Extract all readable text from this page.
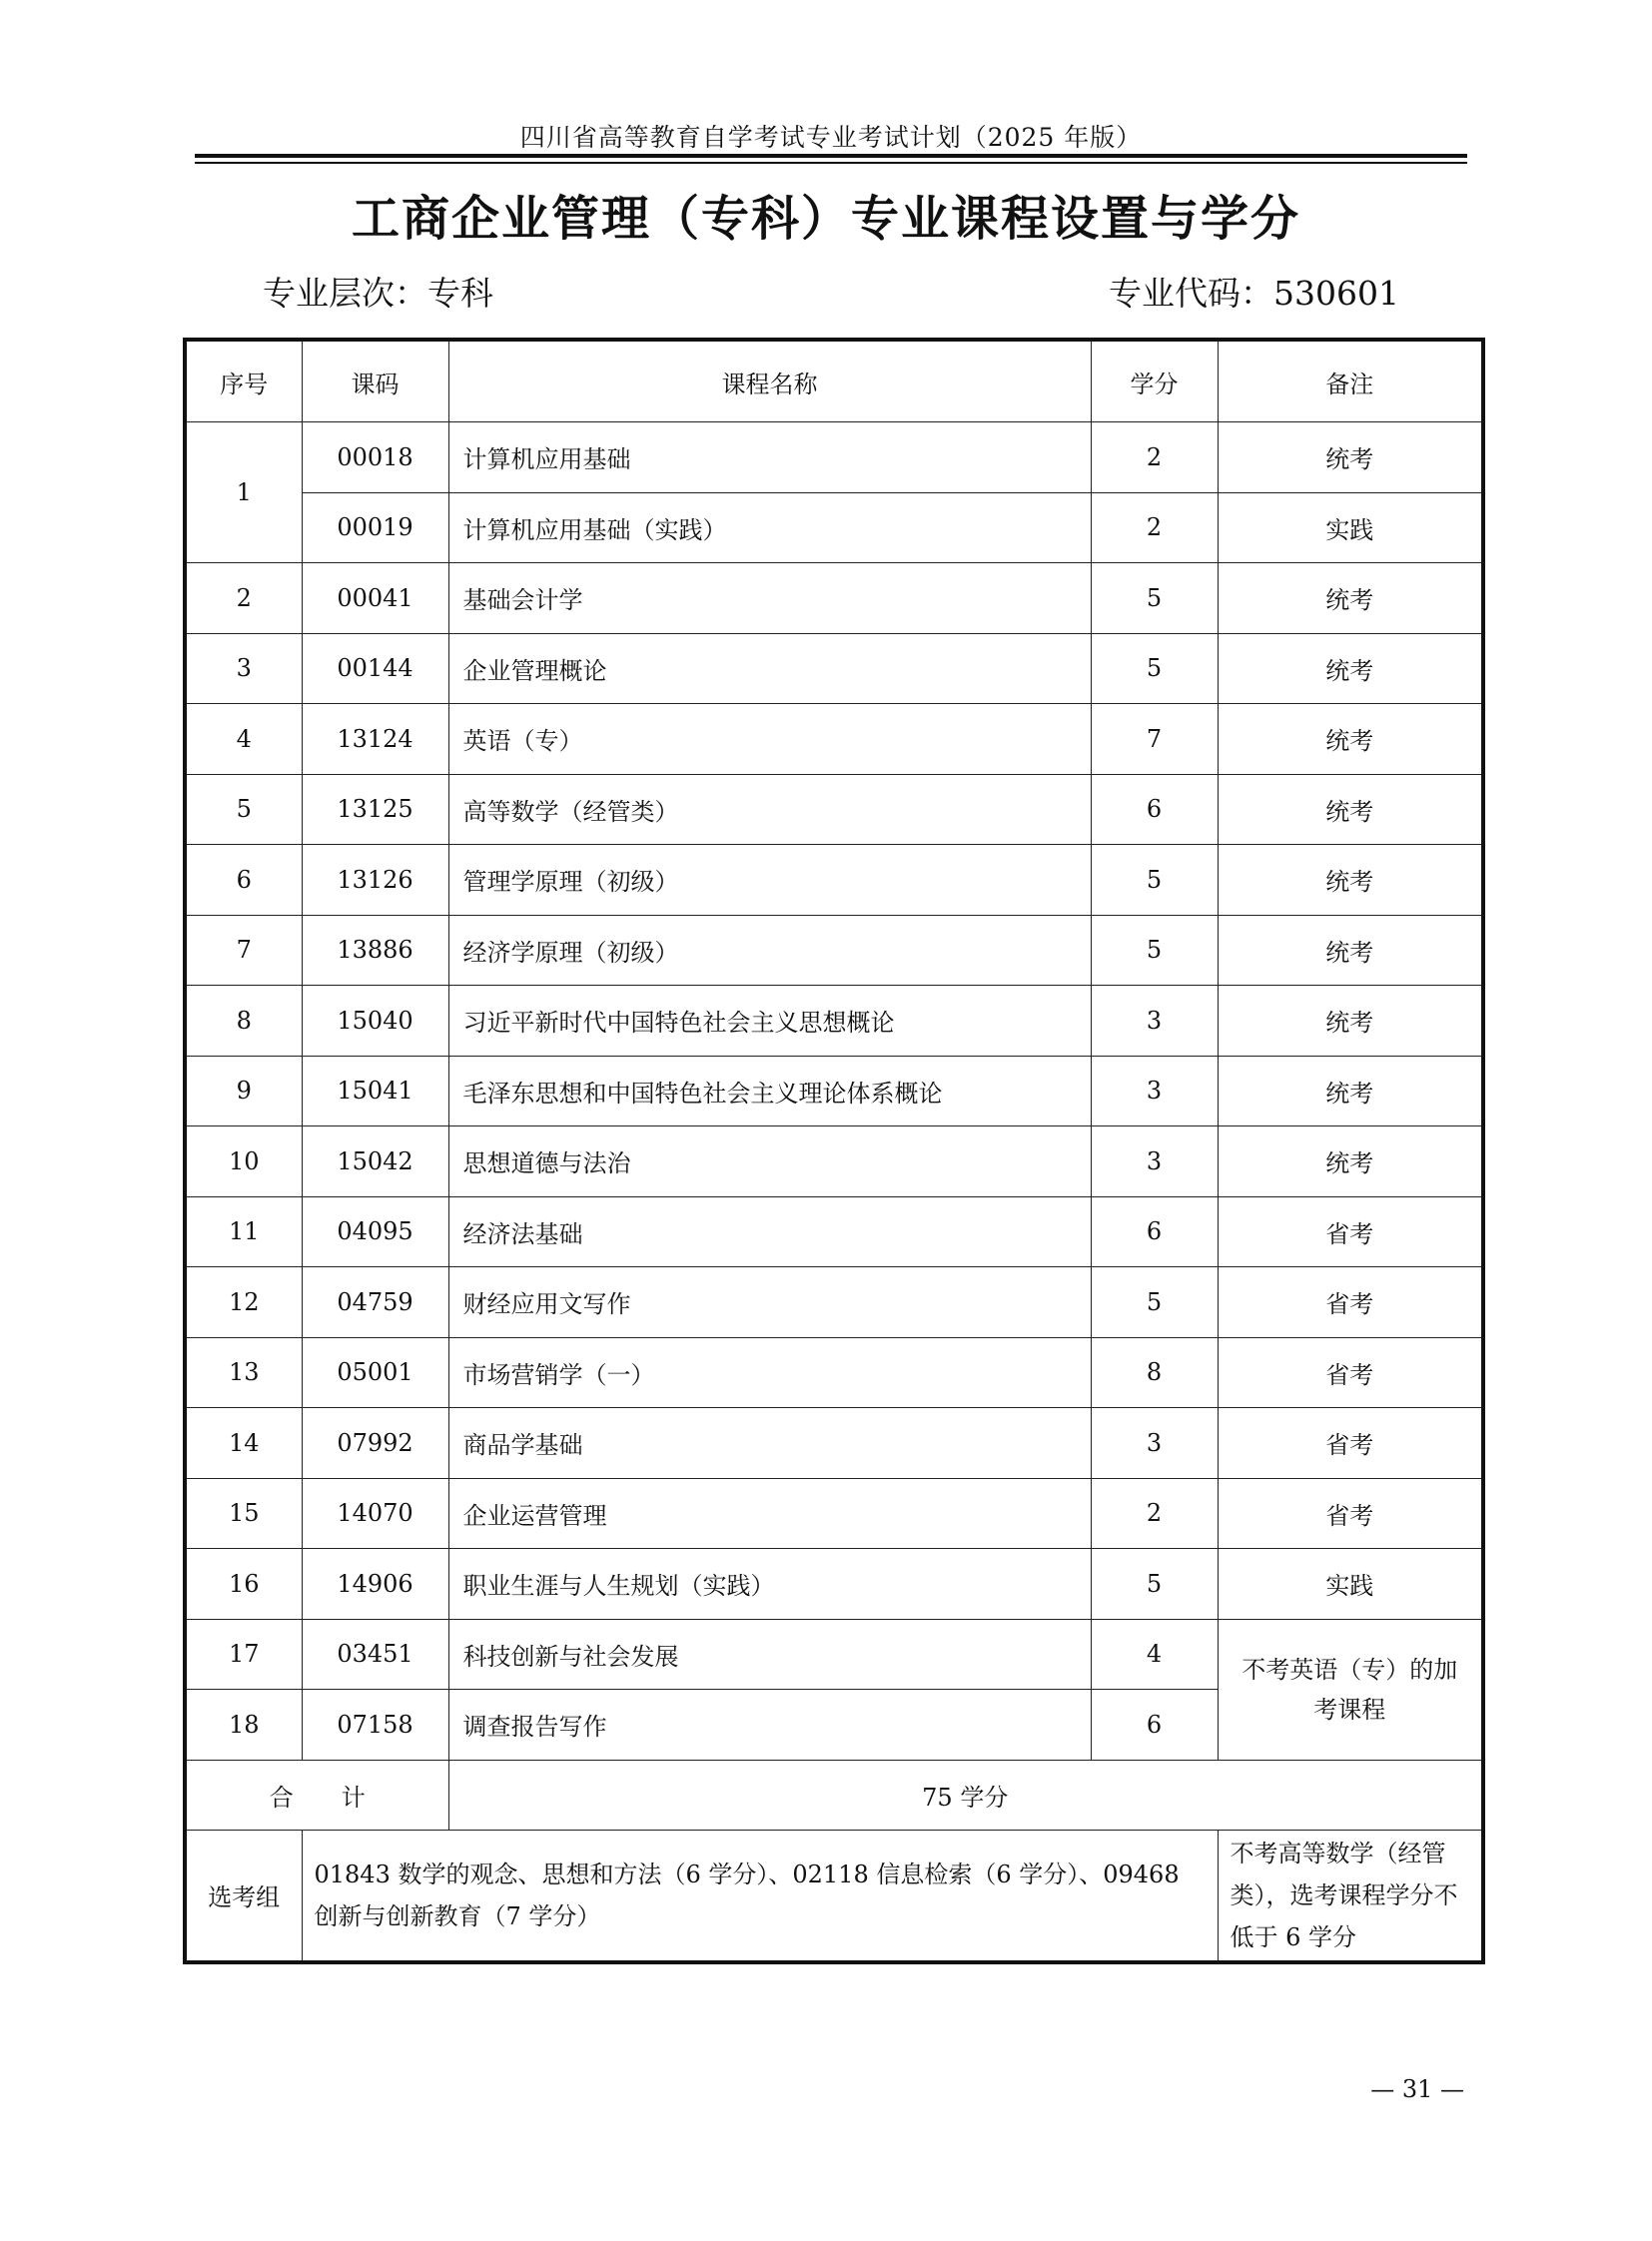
四川省高等教育自学考试专业考试计划（2025 年版）
工商企业管理（专科）专业课程设置与学分
专业层次：专科	专业代码：530601
序号	课码	课程名称	学分	备注
1	00018	计算机应用基础	2	统考
	00019	计算机应用基础（实践）	2	实践
2	00041	基础会计学	5	统考
3	00144	企业管理概论	5	统考
4	13124	英语（专）	7	统考
5	13125	高等数学（经管类）	6	统考
6	13126	管理学原理（初级）	5	统考
7	13886	经济学原理（初级）	5	统考
8	15040	习近平新时代中国特色社会主义思想概论	3	统考
9	15041	毛泽东思想和中国特色社会主义理论体系概论	3	统考
10	15042	思想道德与法治	3	统考
11	04095	经济法基础	6	省考
12	04759	财经应用文写作	5	省考
13	05001	市场营销学（一）	8	省考
14	07992	商品学基础	3	省考
15	14070	企业运营管理	2	省考
16	14906	职业生涯与人生规划（实践）	5	实践
17	03451	科技创新与社会发展	4	不考英语（专）的加考课程
18	07158	调查报告写作	6	
合　　计		75 学分		
选考组	01843 数学的观念、思想和方法（6 学分）、02118 信息检索（6 学分）、09468 创新与创新教育（7 学分）			不考高等数学（经管类），选考课程学分不低于 6 学分
— 31 —
